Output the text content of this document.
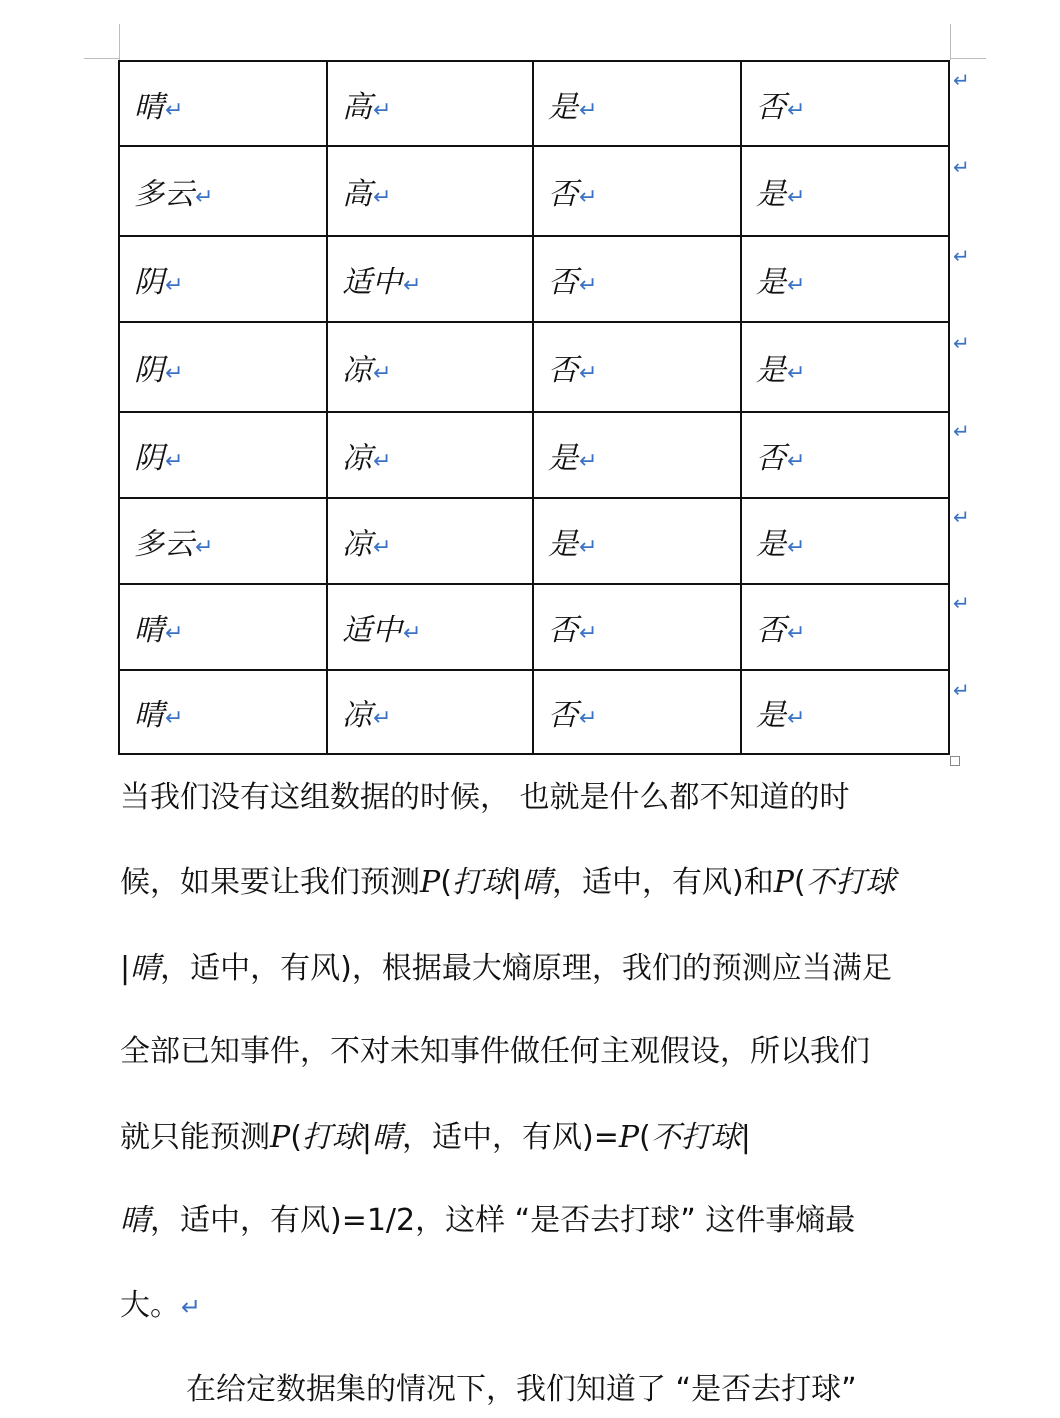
晴↵	高↵	是↵	否↵
多云↵	高↵	否↵	是↵
阴↵	适中↵	否↵	是↵
阴↵	凉↵	否↵	是↵
阴↵	凉↵	是↵	否↵
多云↵	凉↵	是↵	是↵
晴↵	适中↵	否↵	否↵
晴↵	凉↵	否↵	是↵
↵
↵
↵
↵
↵
↵
↵
↵
当我们没有这组数据的时候， 也就是什么都不知道的时
候，如果要让我们预测P(打球|晴，适中，有风)和P(不打球
|晴，适中，有风)，根据最大熵原理，我们的预测应当满足
全部已知事件，不对未知事件做任何主观假设，所以我们
就只能预测P(打球|晴，适中，有风)=P(不打球|
晴，适中，有风)=1/2，这样 “是否去打球” 这件事熵最
大。↵
在给定数据集的情况下，我们知道了 “是否去打球”
